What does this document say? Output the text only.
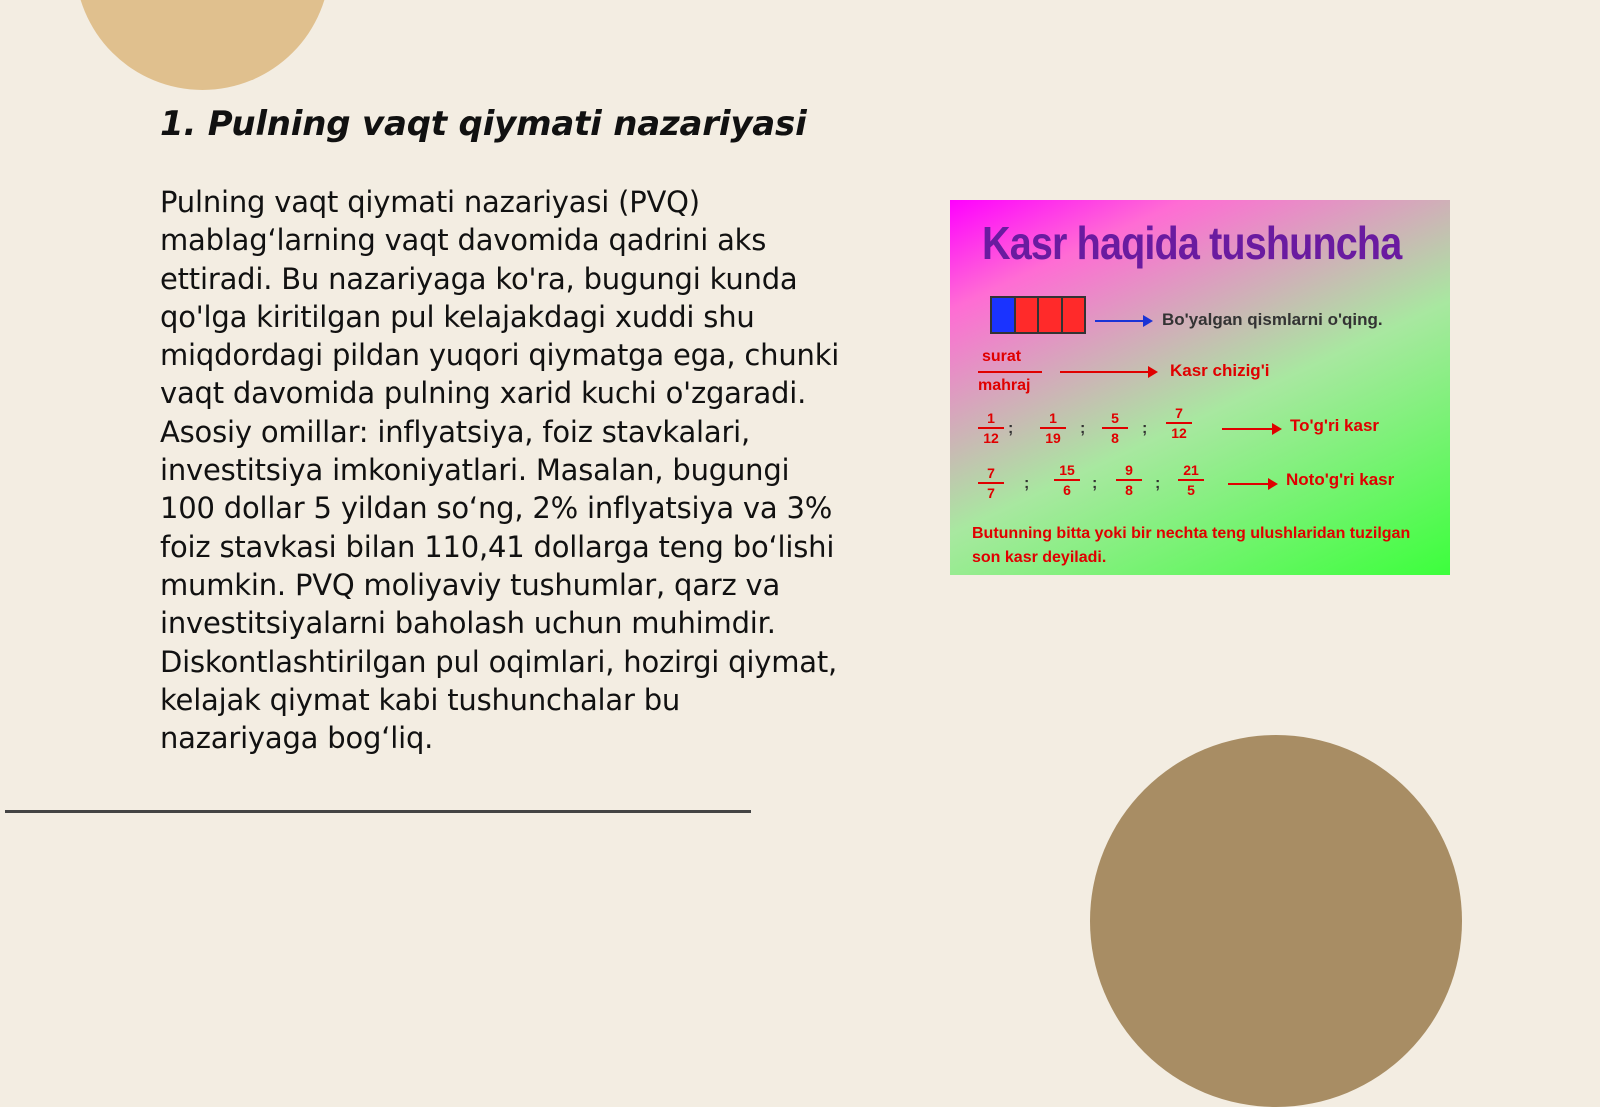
1. Pulning vaqt qiymati nazariyasi

Pulning vaqt qiymati nazariyasi (PVQ) mablag‘larning vaqt davomida qadrini aks ettiradi. Bu nazariyaga ko'ra, bugungi kunda qo'lga kiritilgan pul kelajakdagi xuddi shu miqdordagi pildan yuqori qiymatga ega, chunki vaqt davomida pulning xarid kuchi o'zgaradi. Asosiy omillar: inflyatsiya, foiz stavkalari, investitsiya imkoniyatlari. Masalan, bugungi 100 dollar 5 yildan so‘ng, 2% inflyatsiya va 3% foiz stavkasi bilan 110,41 dollarga teng bo‘lishi mumkin. PVQ moliyaviy tushumlar, qarz va investitsiyalarni baholash uchun muhimdir. Diskontlashtirilgan pul oqimlari, hozirgi qiymat, kelajak qiymat kabi tushunchalar bu nazariyaga bog‘liq.

Kasr haqida tushuncha
Bo'yalgan qismlarni o'qing.
surat
mahraj
Kasr chizig'i
1
12
;
1
19
;
5
8
;
7
12	To'g'ri kasr
7
7
;
15
6	;
9
8	;
21
5
Noto'g'ri kasr
Butunning bitta yoki bir nechta teng ulushlaridan tuzilgan son kasr deyiladi.
